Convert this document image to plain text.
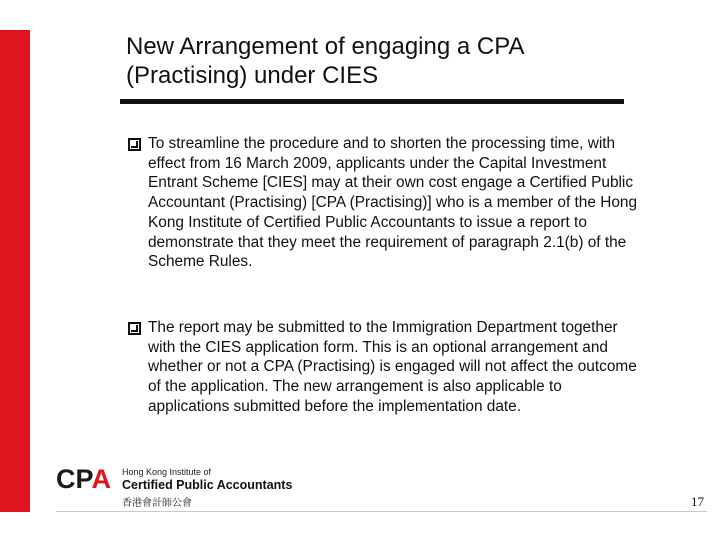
New Arrangement of engaging a CPA (Practising) under CIES
To streamline the procedure and to shorten the processing time, with effect from 16 March 2009, applicants under the Capital Investment Entrant Scheme [CIES] may at their own cost engage a Certified Public Accountant (Practising) [CPA (Practising)] who is a member of the Hong Kong Institute of Certified Public Accountants to issue a report to demonstrate that they meet the requirement of paragraph 2.1(b) of the Scheme Rules.
The report may be submitted to the Immigration Department together with the CIES application form. This is an optional arrangement and whether or not a CPA (Practising) is engaged will not affect the outcome of the application. The new arrangement is also applicable to applications submitted before the implementation date.
CPA Hong Kong Institute of
Certified Public Accountants
香港會計師公會	17
